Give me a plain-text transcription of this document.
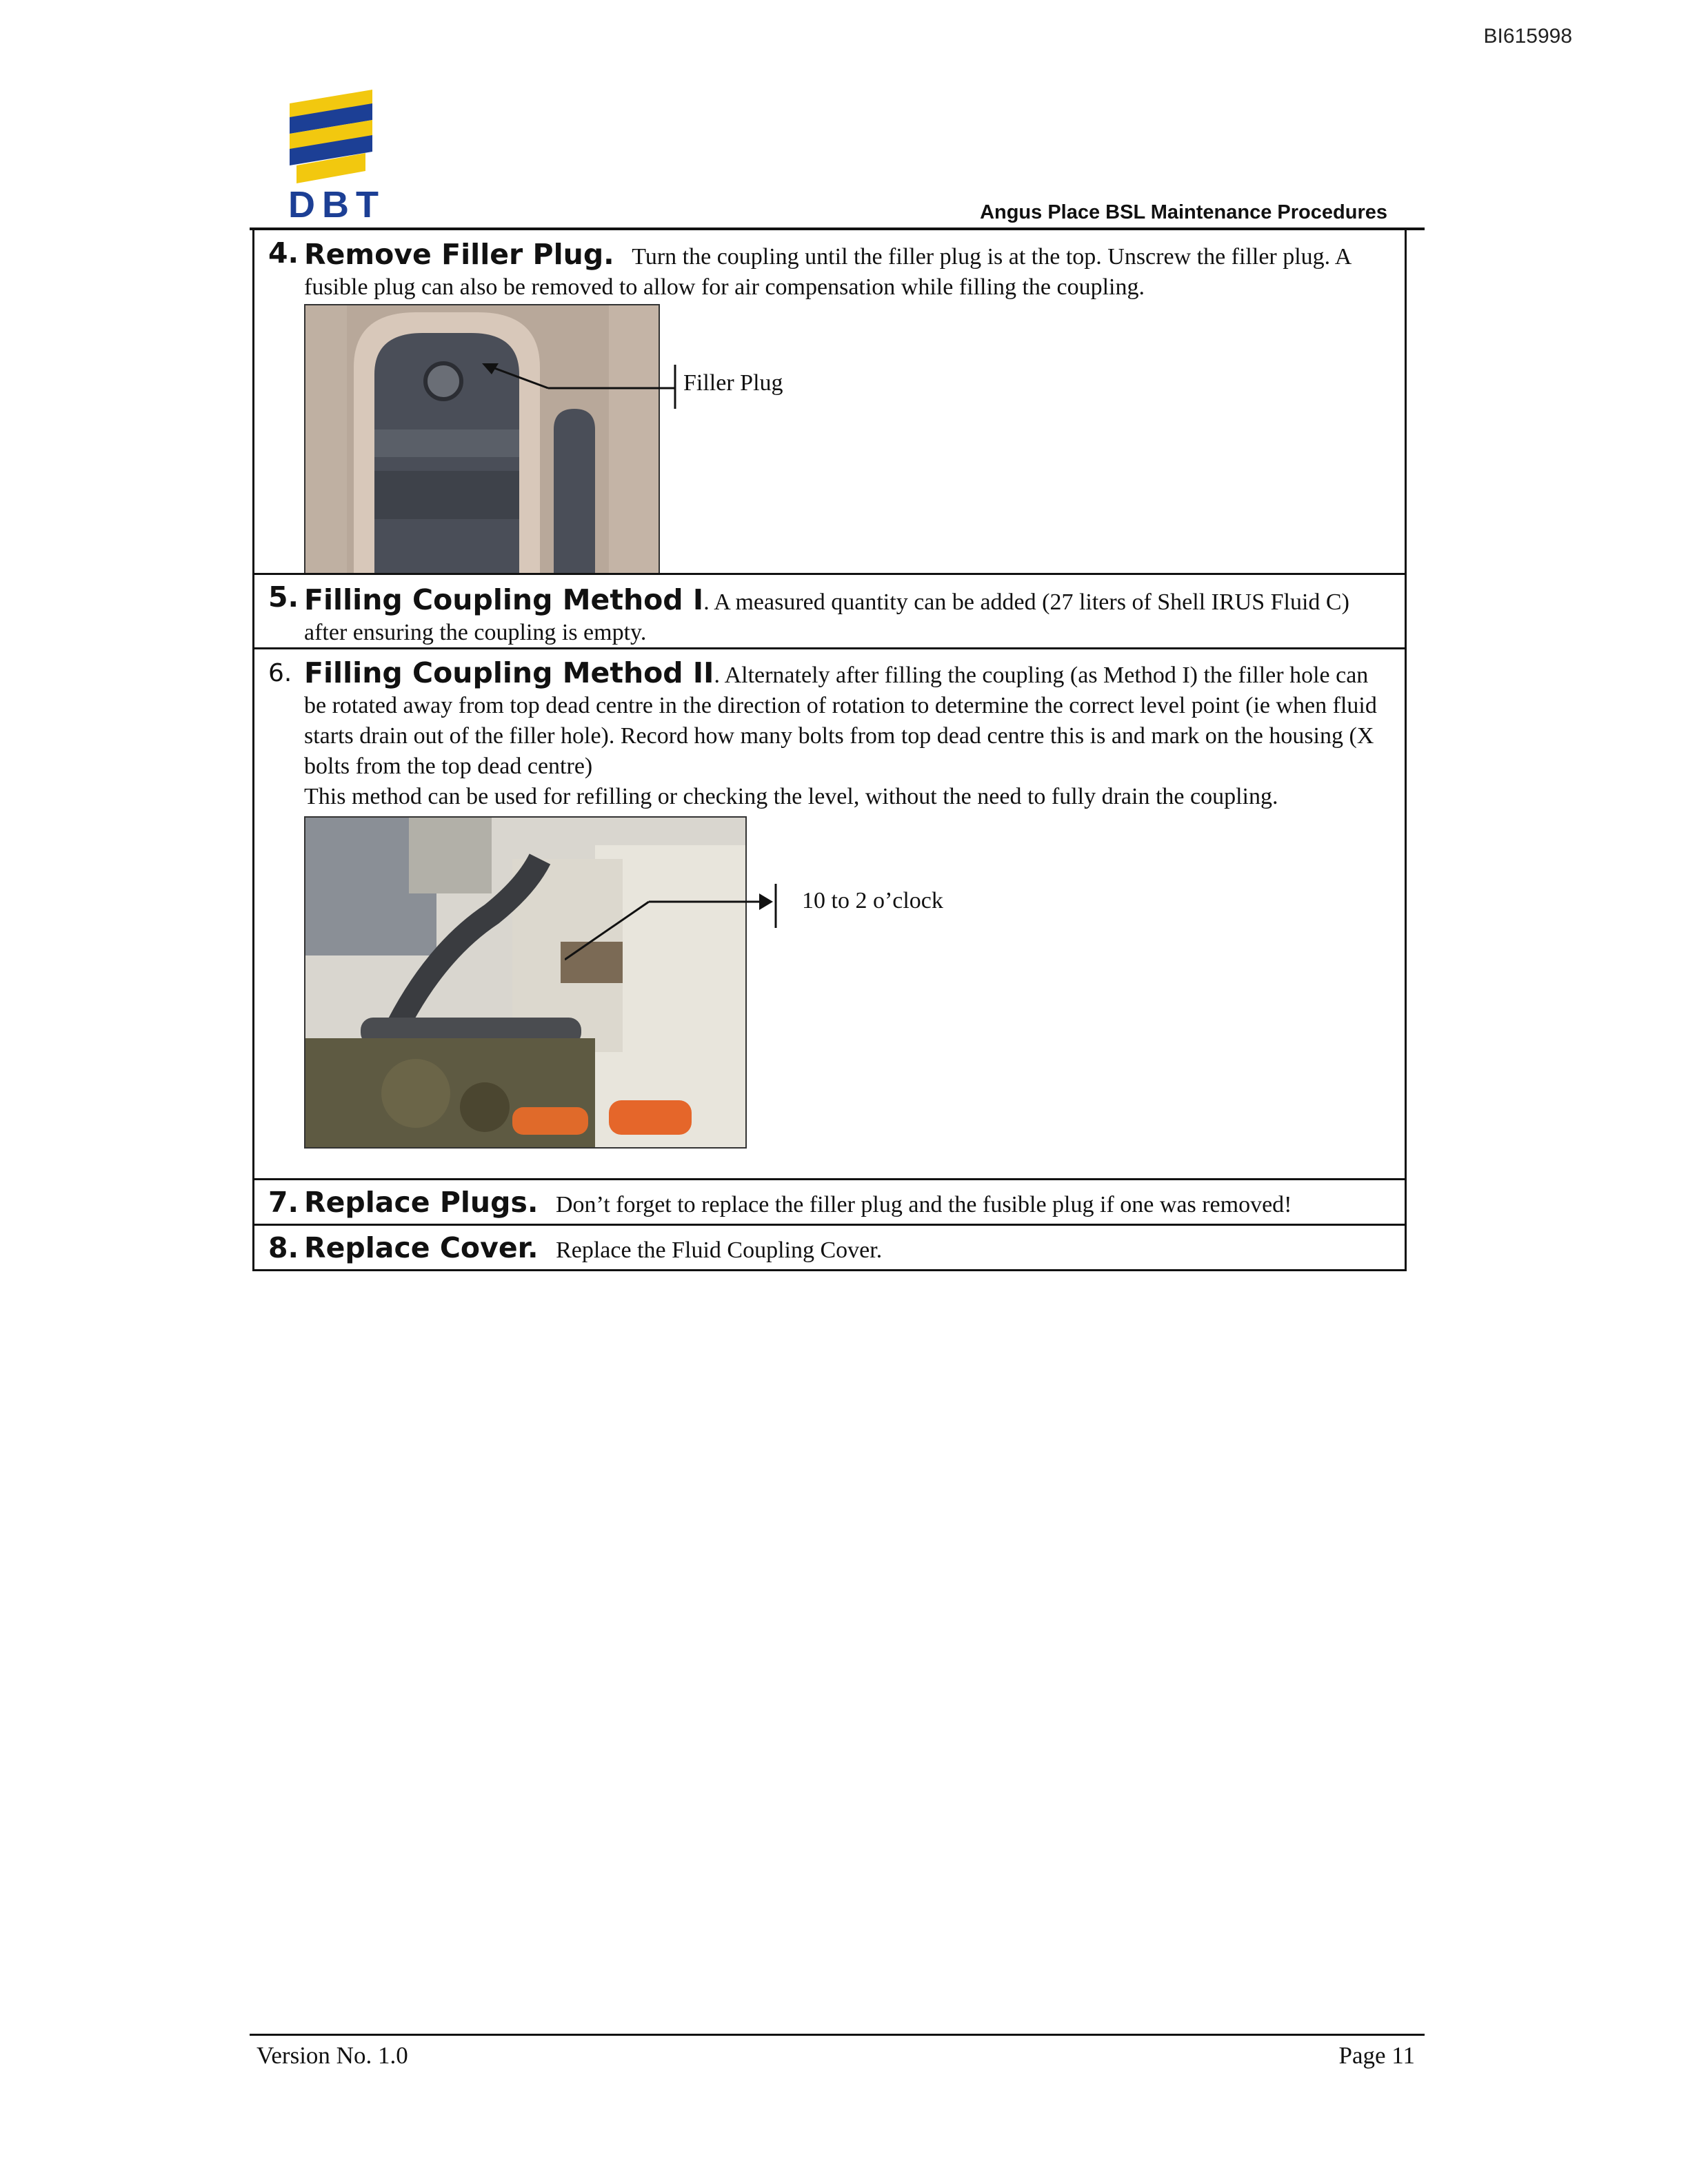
BI615998
DBT	Angus Place BSL Maintenance Procedures
4. Remove Filler Plug. Turn the coupling until the filler plug is at the top. Unscrew the filler plug. A fusible plug can also be removed to allow for air compensation while filling the coupling.
Filler Plug
5. Filling Coupling Method I. A measured quantity can be added (27 liters of Shell IRUS Fluid C) after ensuring the coupling is empty.
6. Filling Coupling Method II. Alternately after filling the coupling (as Method I) the filler hole can be rotated away from top dead centre in the direction of rotation to determine the correct level point (ie when fluid starts drain out of the filler hole). Record how many bolts from top dead centre this is and mark on the housing (X bolts from the top dead centre)
This method can be used for refilling or checking the level, without the need to fully drain the coupling.
10 to 2 o’clock
7. Replace Plugs. Don’t forget to replace the filler plug and the fusible plug if one was removed!
8. Replace Cover. Replace the Fluid Coupling Cover.
Version No. 1.0	Page 11
